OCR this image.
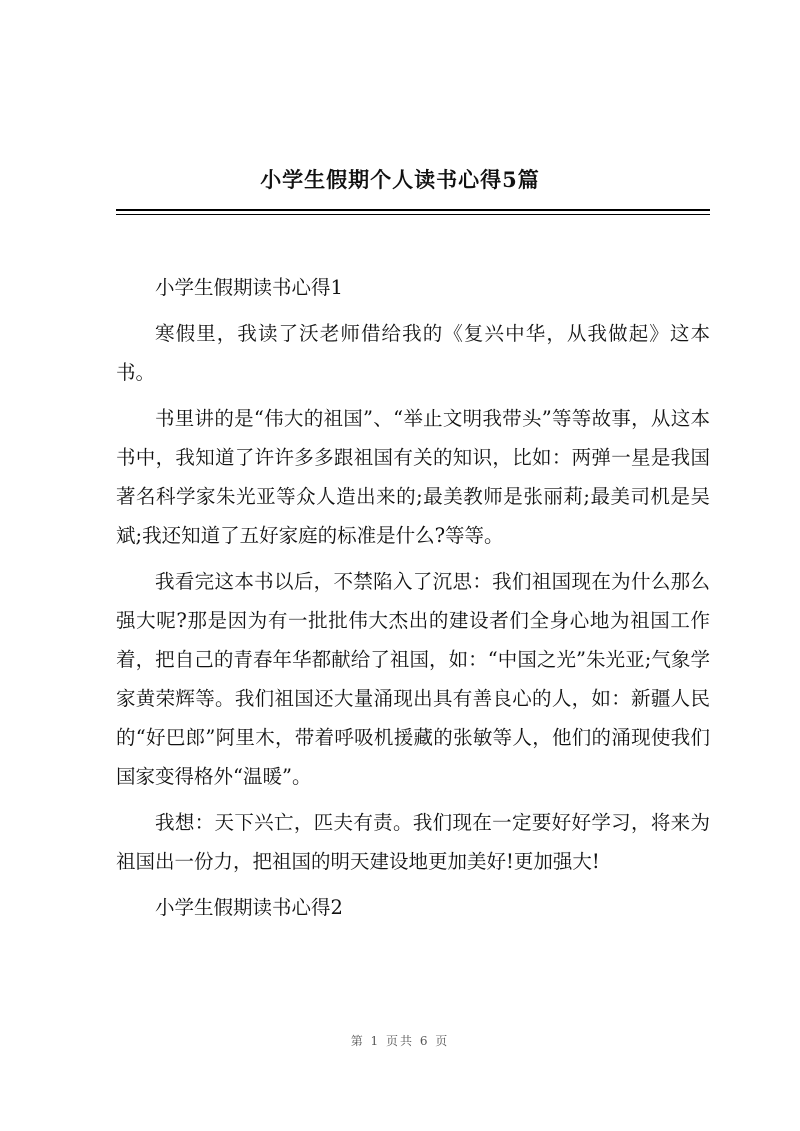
小学生假期个人读书心得5篇

小学生假期读书心得1

寒假里，我读了沃老师借给我的《复兴中华，从我做起》这本书。

书里讲的是“伟大的祖国”、“举止文明我带头”等等故事，从这本书中，我知道了许许多多跟祖国有关的知识，比如：两弹一星是我国著名科学家朱光亚等众人造出来的;最美教师是张丽莉;最美司机是吴斌;我还知道了五好家庭的标准是什么?等等。

我看完这本书以后，不禁陷入了沉思：我们祖国现在为什么那么强大呢?那是因为有一批批伟大杰出的建设者们全身心地为祖国工作着，把自己的青春年华都献给了祖国，如：“中国之光”朱光亚;气象学家黄荣辉等。我们祖国还大量涌现出具有善良心的人，如：新疆人民的“好巴郎”阿里木，带着呼吸机援藏的张敏等人，他们的涌现使我们国家变得格外“温暖”。

我想：天下兴亡，匹夫有责。我们现在一定要好好学习，将来为祖国出一份力，把祖国的明天建设地更加美好!更加强大!

小学生假期读书心得2

第 1 页共 6 页
